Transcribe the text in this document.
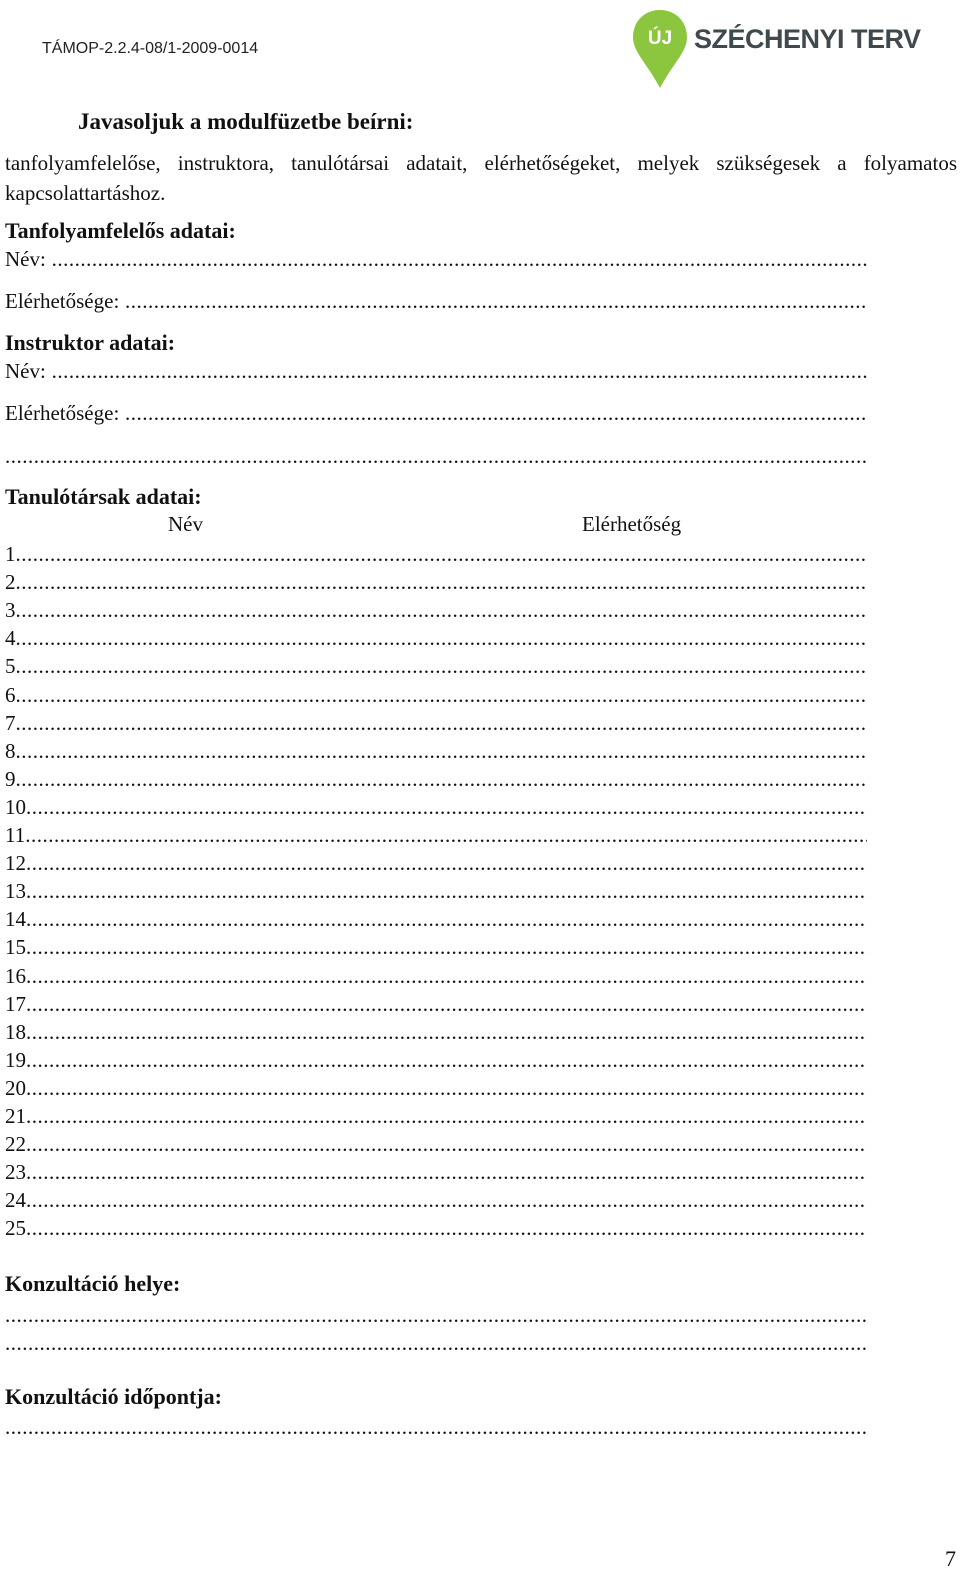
TÁMOP-2.2.4-08/1-2009-0014	ÚJ SZÉCHENYI TERV
Javasoljuk a modulfüzetbe beírni:
tanfolyamfelelőse, instruktora, tanulótársai adatait, elérhetőségeket, melyek szükségesek a folyamatos kapcsolattartáshoz.
Tanfolyamfelelős adatai:
Név: .....
Elérhetősége: .....
Instruktor adatai:
Név: .....
Elérhetősége: .....
.....
Tanulótársak adatai:
Név	Elérhetőség
1 .....
2 .....
3 .....
4 .....
5 .....
6 .....
7 .....
8 .....
9 .....
10 .....
11 .....
12 .....
13 .....
14 .....
15 .....
16 .....
17 .....
18 .....
19 .....
20 .....
21 .....
22 .....
23 .....
24 .....
25 .....
Konzultáció helye:
.....
.....
Konzultáció időpontja:
.....
7
